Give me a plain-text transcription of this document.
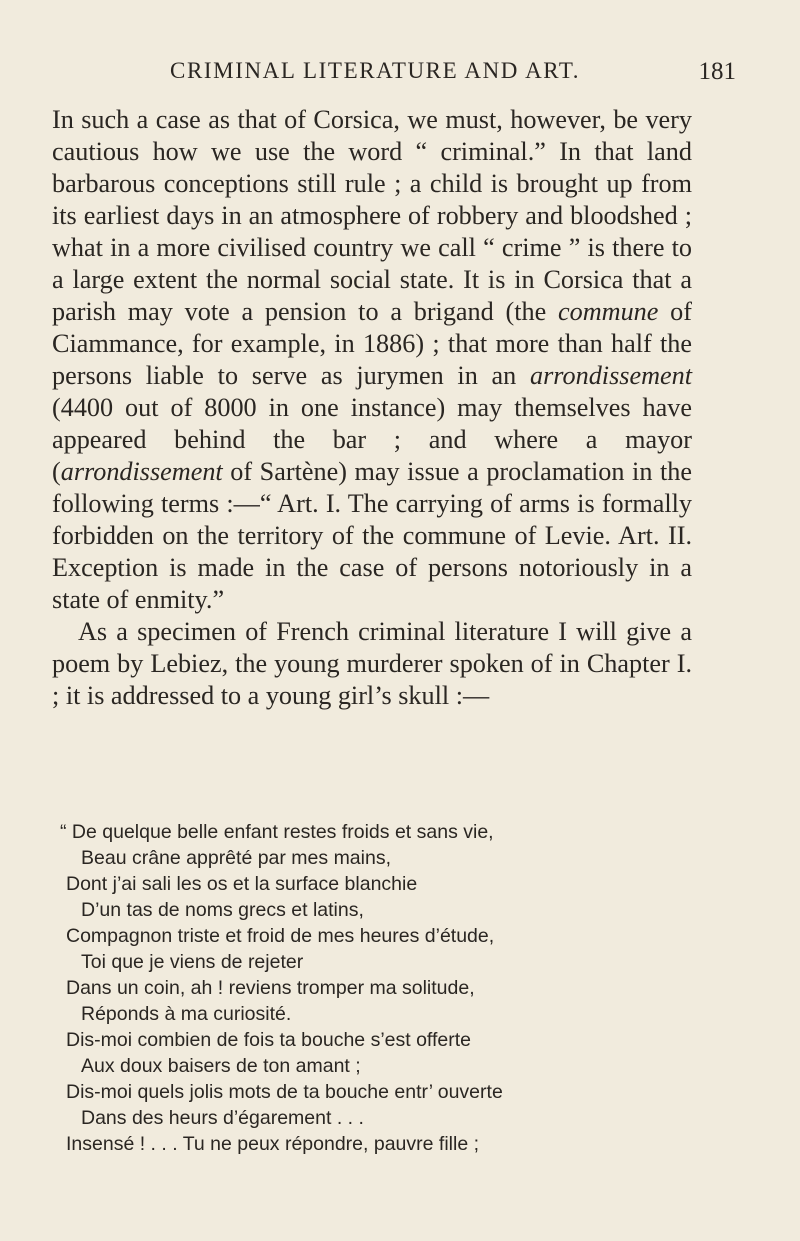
CRIMINAL LITERATURE AND ART.	181

In such a case as that of Corsica, we must, however, be very cautious how we use the word “ criminal.” In that land barbarous conceptions still rule ; a child is brought up from its earliest days in an atmosphere of robbery and bloodshed ; what in a more civilised country we call “ crime ” is there to a large extent the normal social state. It is in Corsica that a parish may vote a pension to a brigand (the commune of Ciammance, for example, in 1886) ; that more than half the persons liable to serve as jurymen in an arrondissement (4400 out of 8000 in one instance) may themselves have appeared behind the bar ; and where a mayor (arrondissement of Sartène) may issue a proclamation in the following terms :—“ Art. I. The carrying of arms is formally forbidden on the territory of the commune of Levie. Art. II. Exception is made in the case of persons notoriously in a state of enmity.”

As a specimen of French criminal literature I will give a poem by Lebiez, the young murderer spoken of in Chapter I. ; it is addressed to a young girl’s skull :—

“ De quelque belle enfant restes froids et sans vie,
Beau crâne apprêté par mes mains,
Dont j’ai sali les os et la surface blanchie
D’un tas de noms grecs et latins,
Compagnon triste et froid de mes heures d’étude,
Toi que je viens de rejeter
Dans un coin, ah ! reviens tromper ma solitude,
Réponds à ma curiosité.
Dis-moi combien de fois ta bouche s’est offerte
Aux doux baisers de ton amant ;
Dis-moi quels jolis mots de ta bouche entr’ ouverte
Dans des heurs d’égarement . . .
Insensé ! . . . Tu ne peux répondre, pauvre fille ;
